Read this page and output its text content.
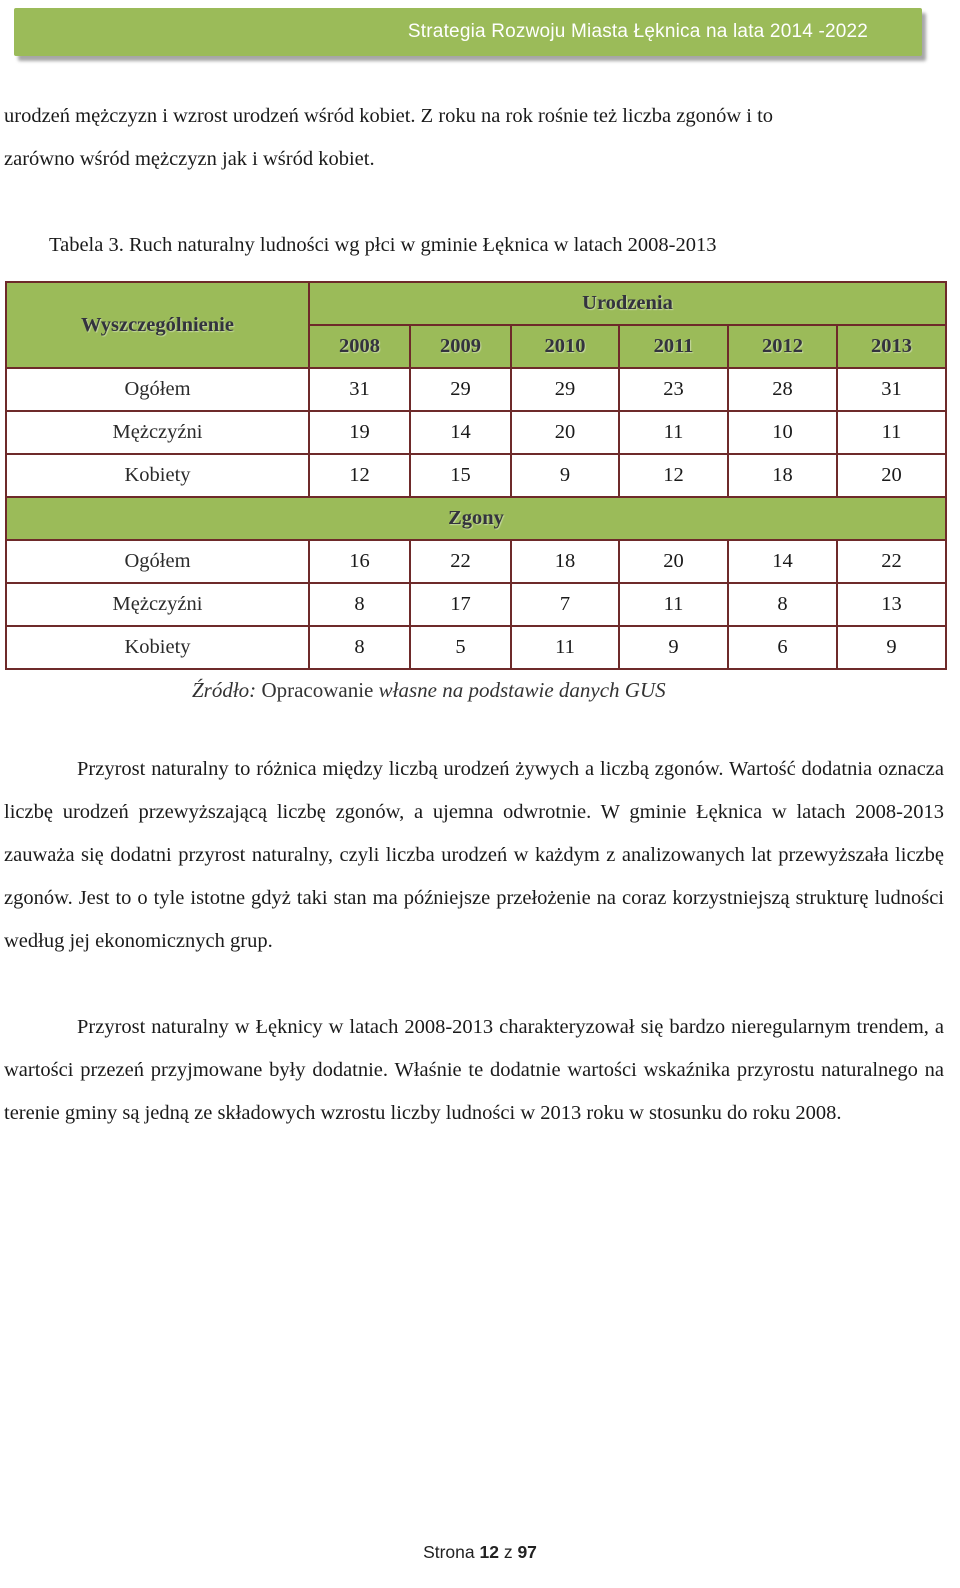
Strategia Rozwoju Miasta Łęknica na lata 2014 -2022

urodzeń mężczyzn i wzrost urodzeń wśród kobiet. Z roku na rok rośnie też liczba zgonów i to

zarówno wśród mężczyzn jak i wśród kobiet.

Tabela 3. Ruch naturalny ludności wg płci w gminie Łęknica w latach 2008-2013
Wyszczególnienie	Urodzenia					
	2008	2009	2010	2011	2012	2013
Ogółem	31	29	29	23	28	31
Mężczyźni	19	14	20	11	10	11
Kobiety	12	15	9	12	18	20
Zgony						
Ogółem	16	22	18	20	14	22
Mężczyźni	8	17	7	11	8	13
Kobiety	8	5	11	9	6	9
Źródło: Opracowanie własne na podstawie danych GUS

Przyrost naturalny to różnica między liczbą urodzeń żywych a liczbą zgonów. Wartość dodatnia oznacza liczbę urodzeń przewyższającą liczbę zgonów, a ujemna odwrotnie. W gminie Łęknica w latach 2008-2013 zauważa się dodatni przyrost naturalny, czyli liczba urodzeń w każdym z analizowanych lat przewyższała liczbę zgonów. Jest to o tyle istotne gdyż taki stan ma późniejsze przełożenie na coraz korzystniejszą strukturę ludności według jej ekonomicznych grup.

Przyrost naturalny w Łęknicy w latach 2008-2013 charakteryzował się bardzo nieregularnym trendem, a wartości przezeń przyjmowane były dodatnie. Właśnie te dodatnie wartości wskaźnika przyrostu naturalnego na terenie gminy są jedną ze składowych wzrostu liczby ludności w 2013 roku w stosunku do roku 2008.

Strona 12 z 97
